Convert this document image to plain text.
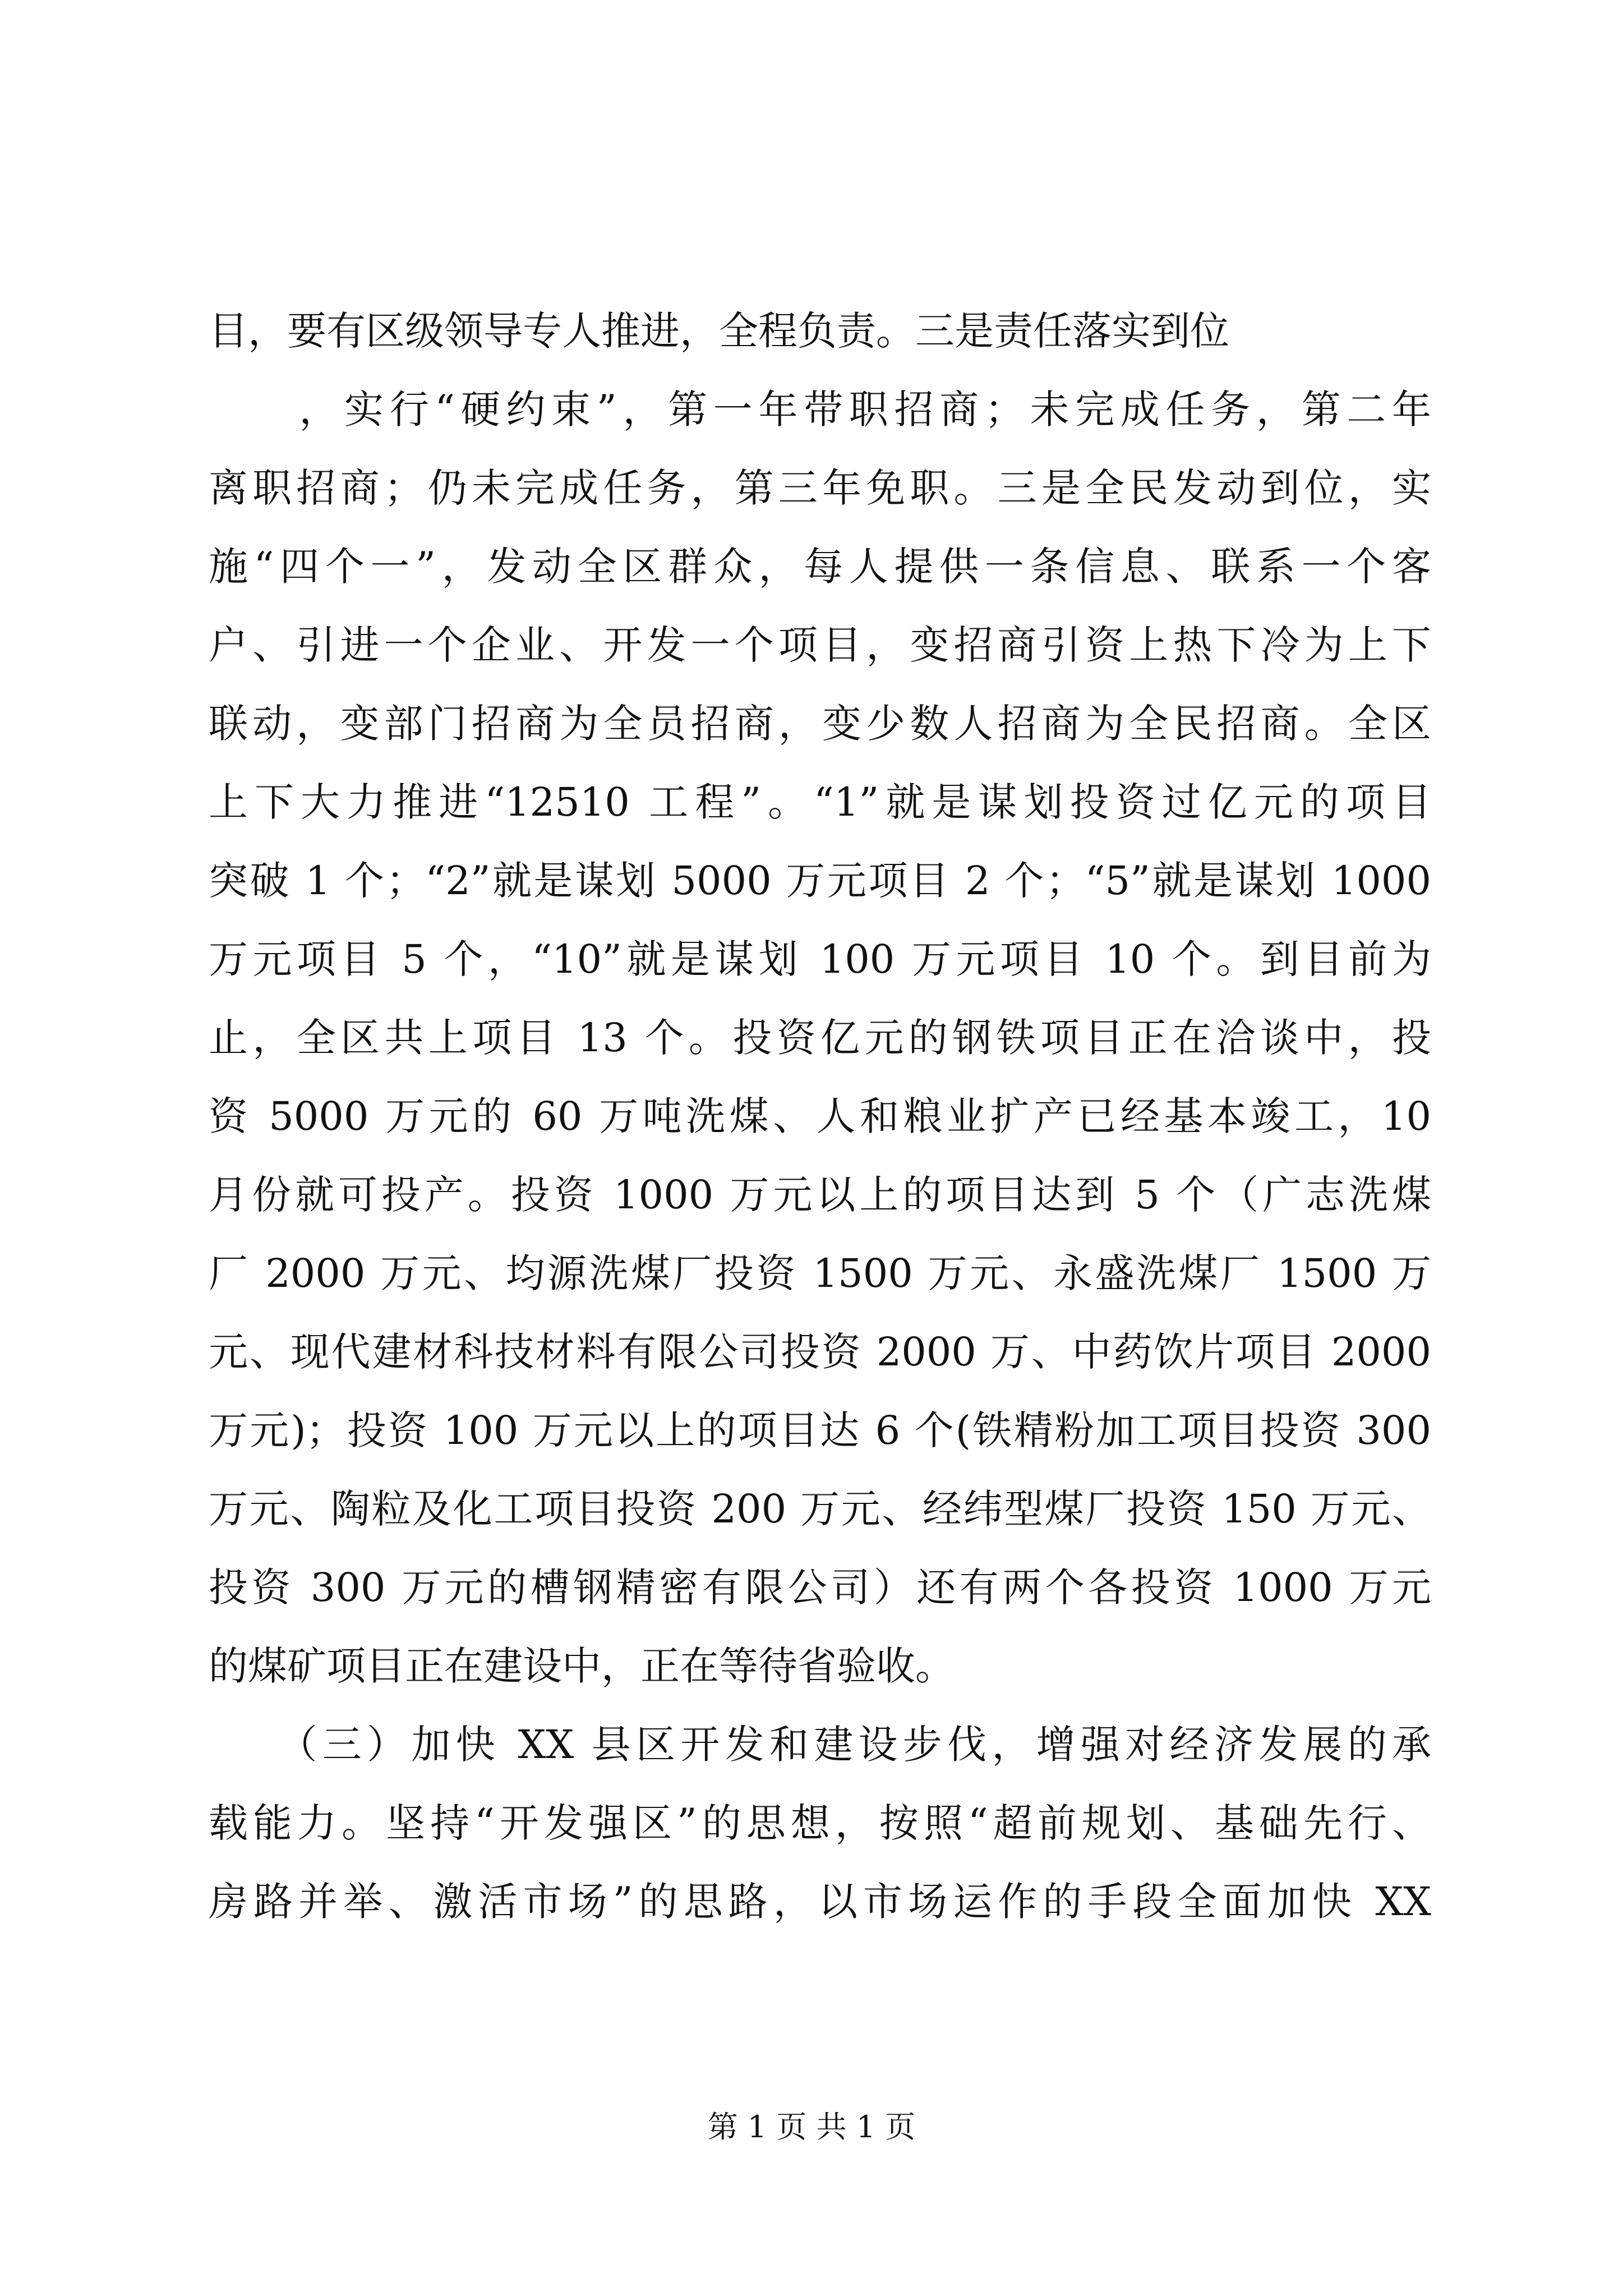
目，要有区级领导专人推进，全程负责。三是责任落实到位
　　，实行“硬约束”，第一年带职招商；未完成任务，第二年
离职招商；仍未完成任务，第三年免职。三是全民发动到位，实
施“四个一”，发动全区群众，每人提供一条信息、联系一个客
户、引进一个企业、开发一个项目，变招商引资上热下冷为上下
联动，变部门招商为全员招商，变少数人招商为全民招商。全区
上下大力推进“12510 工程”。“1”就是谋划投资过亿元的项目
突破 1 个；“2”就是谋划 5000 万元项目 2 个；“5”就是谋划 1000
万元项目 5 个，“10”就是谋划 100 万元项目 10 个。到目前为
止，全区共上项目 13 个。投资亿元的钢铁项目正在洽谈中，投
资 5000 万元的 60 万吨洗煤、人和粮业扩产已经基本竣工，10
月份就可投产。投资 1000 万元以上的项目达到 5 个（广志洗煤
厂 2000 万元、均源洗煤厂投资 1500 万元、永盛洗煤厂 1500 万
元、现代建材科技材料有限公司投资 2000 万、中药饮片项目 2000
万元)；投资 100 万元以上的项目达 6 个(铁精粉加工项目投资 300
万元、陶粒及化工项目投资 200 万元、经纬型煤厂投资 150 万元、
投资 300 万元的槽钢精密有限公司）还有两个各投资 1000 万元
的煤矿项目正在建设中，正在等待省验收。
　　（三）加快 XX 县区开发和建设步伐，增强对经济发展的承
载能力。坚持“开发强区”的思想，按照“超前规划、基础先行、
房路并举、激活市场”的思路，以市场运作的手段全面加快 XX
第 1 页 共 1 页
